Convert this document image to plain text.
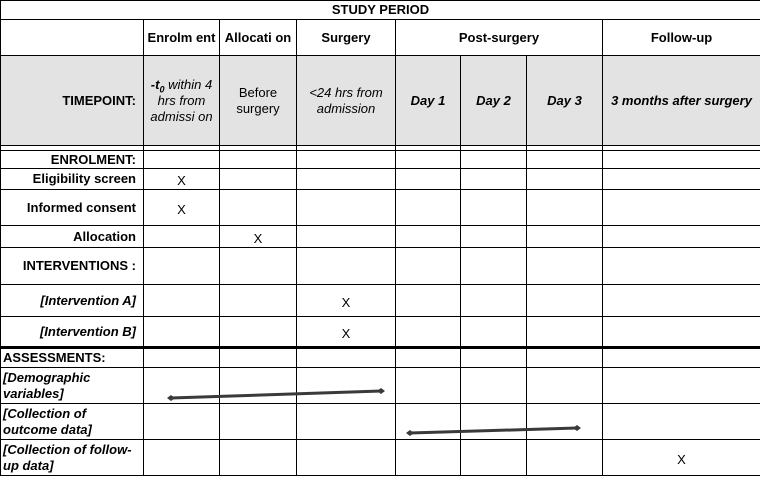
STUDY PERIOD							
	Enrolm ent	Allocati on	Surgery	Post-surgery			Follow-up
TIMEPOINT:	$-t_0$ within 4 hrs from admissi on	Before surgery	<24 hrs from admission	Day 1	Day 2	Day 3	3 months after surgery

ENROLMENT:							
Eligibility screen	X						
Informed consent	X						
Allocation		X					
INTERVENTIONS :							
[Intervention A]			X				
[Intervention B]			X				
ASSESSMENTS:							
[Demographic variables]							
[Collection of outcome data]							
[Collection of follow-up data]							X
